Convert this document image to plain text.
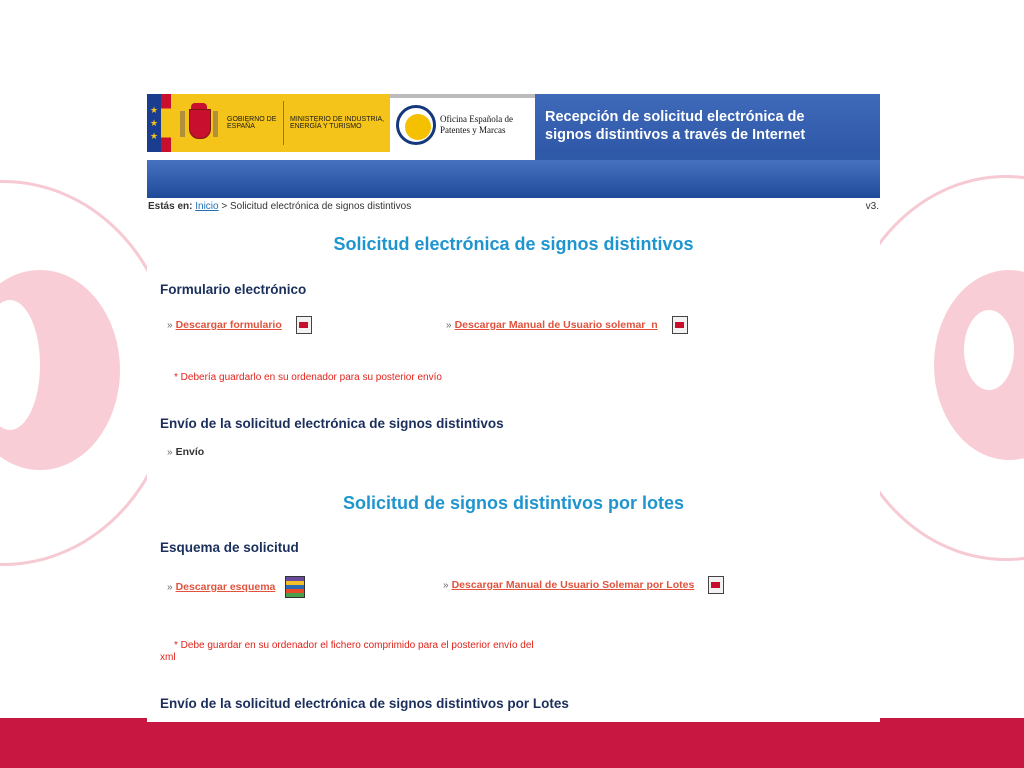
★
★
★
GOBIERNO DE ESPAÑA
MINISTERIO DE INDUSTRIA, ENERGÍA Y TURISMO
Oficina Española de Patentes y Marcas
Recepción de solicitud electrónica de
signos distintivos a través de Internet
Estás en: Inicio > Solicitud electrónica de signos distintivos	v3.
Solicitud electrónica de signos distintivos
Formulario electrónico
» Descargar formulario	» Descargar Manual de Usuario solemar_n
* Debería guardarlo en su ordenador para su posterior envío
Envío de la solicitud electrónica de signos distintivos
» Envío
Solicitud de signos distintivos por lotes
Esquema de solicitud
» Descargar esquema	» Descargar Manual de Usuario Solemar por Lotes
* Debe guardar en su ordenador el fichero comprimido para el posterior envío del
xml
Envío de la solicitud electrónica de signos distintivos por Lotes
